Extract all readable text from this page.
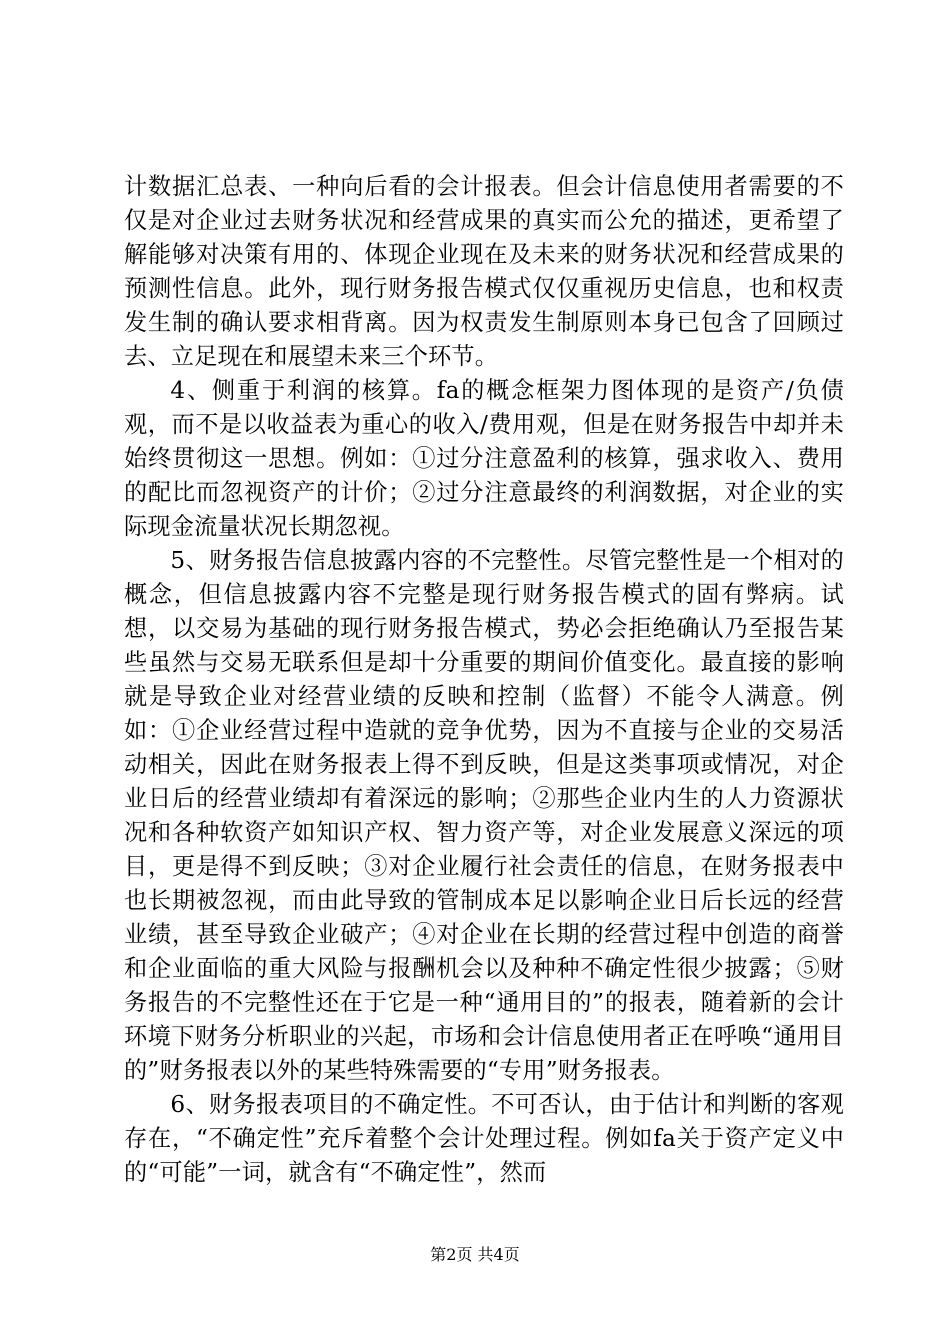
计数据汇总表、一种向后看的会计报表。但会计信息使用者需要的不仅是对企业过去财务状况和经营成果的真实而公允的描述，更希望了解能够对决策有用的、体现企业现在及未来的财务状况和经营成果的预测性信息。此外，现行财务报告模式仅仅重视历史信息，也和权责发生制的确认要求相背离。因为权责发生制原则本身已包含了回顾过去、立足现在和展望未来三个环节。

4、侧重于利润的核算。fa的概念框架力图体现的是资产/负债观，而不是以收益表为重心的收入/费用观，但是在财务报告中却并未始终贯彻这一思想。例如：①过分注意盈利的核算，强求收入、费用的配比而忽视资产的计价；②过分注意最终的利润数据，对企业的实际现金流量状况长期忽视。

5、财务报告信息披露内容的不完整性。尽管完整性是一个相对的概念，但信息披露内容不完整是现行财务报告模式的固有弊病。试想，以交易为基础的现行财务报告模式，势必会拒绝确认乃至报告某些虽然与交易无联系但是却十分重要的期间价值变化。最直接的影响就是导致企业对经营业绩的反映和控制（监督）不能令人满意。例如：①企业经营过程中造就的竞争优势，因为不直接与企业的交易活动相关，因此在财务报表上得不到反映，但是这类事项或情况，对企业日后的经营业绩却有着深远的影响；②那些企业内生的人力资源状况和各种软资产如知识产权、智力资产等，对企业发展意义深远的项目，更是得不到反映；③对企业履行社会责任的信息，在财务报表中也长期被忽视，而由此导致的管制成本足以影响企业日后长远的经营业绩，甚至导致企业破产；④对企业在长期的经营过程中创造的商誉和企业面临的重大风险与报酬机会以及种种不确定性很少披露；⑤财务报告的不完整性还在于它是一种“通用目的”的报表，随着新的会计环境下财务分析职业的兴起，市场和会计信息使用者正在呼唤“通用目的”财务报表以外的某些特殊需要的“专用”财务报表。

6、财务报表项目的不确定性。不可否认，由于估计和判断的客观存在，“不确定性”充斥着整个会计处理过程。例如fa关于资产定义中的“可能”一词，就含有“不确定性”，然而

第2页 共4页
